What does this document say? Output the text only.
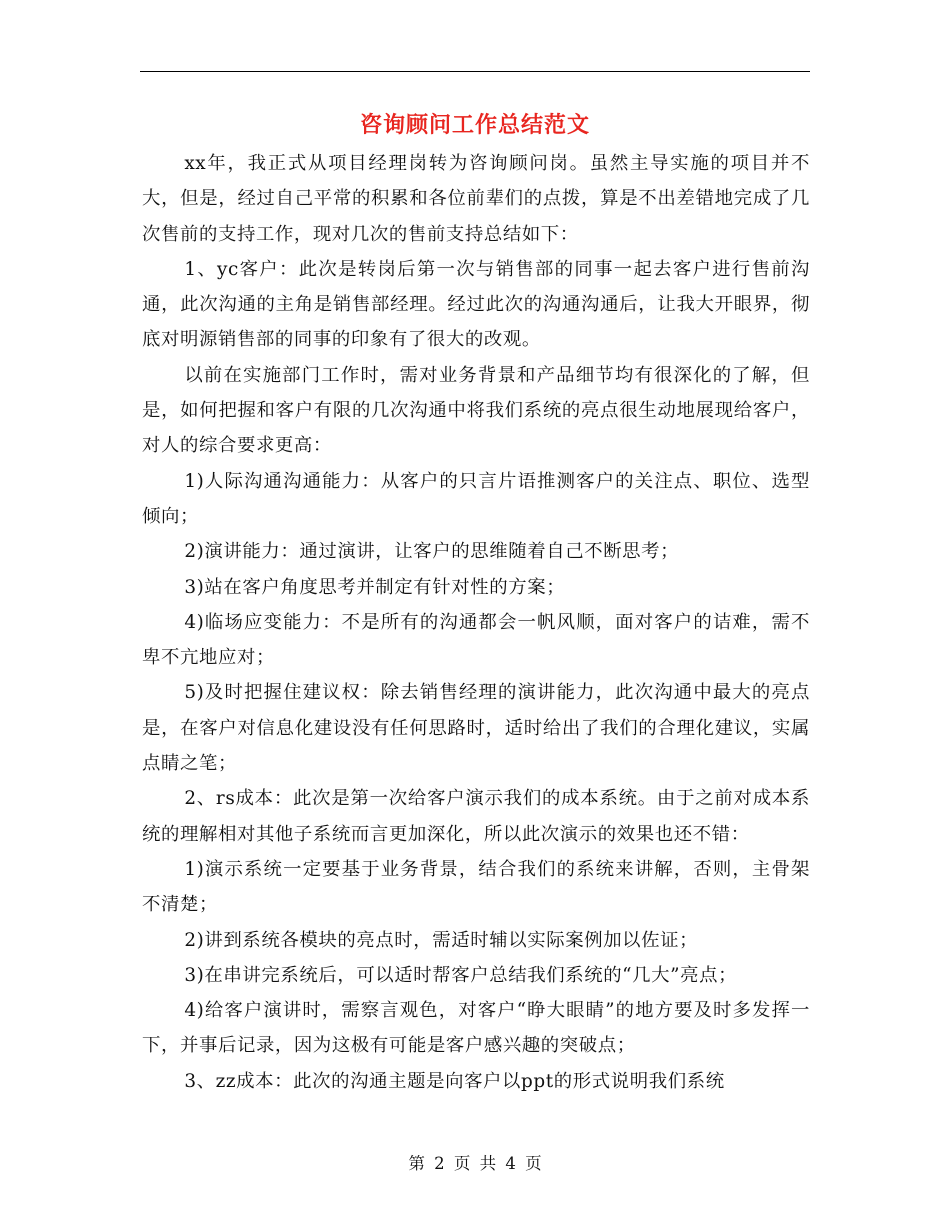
咨询顾问工作总结范文

xx年，我正式从项目经理岗转为咨询顾问岗。虽然主导实施的项目并不大，但是，经过自己平常的积累和各位前辈们的点拨，算是不出差错地完成了几次售前的支持工作，现对几次的售前支持总结如下：

1、yc客户：此次是转岗后第一次与销售部的同事一起去客户进行售前沟通，此次沟通的主角是销售部经理。经过此次的沟通沟通后，让我大开眼界，彻底对明源销售部的同事的印象有了很大的改观。

以前在实施部门工作时，需对业务背景和产品细节均有很深化的了解，但是，如何把握和客户有限的几次沟通中将我们系统的亮点很生动地展现给客户，对人的综合要求更高：

1)人际沟通沟通能力：从客户的只言片语推测客户的关注点、职位、选型倾向；

2)演讲能力：通过演讲，让客户的思维随着自己不断思考；

3)站在客户角度思考并制定有针对性的方案；

4)临场应变能力：不是所有的沟通都会一帆风顺，面对客户的诘难，需不卑不亢地应对；

5)及时把握住建议权：除去销售经理的演讲能力，此次沟通中最大的亮点是，在客户对信息化建设没有任何思路时，适时给出了我们的合理化建议，实属点睛之笔；

2、rs成本：此次是第一次给客户演示我们的成本系统。由于之前对成本系统的理解相对其他子系统而言更加深化，所以此次演示的效果也还不错：

1)演示系统一定要基于业务背景，结合我们的系统来讲解，否则，主骨架不清楚；

2)讲到系统各模块的亮点时，需适时辅以实际案例加以佐证；

3)在串讲完系统后，可以适时帮客户总结我们系统的“几大”亮点；

4)给客户演讲时，需察言观色，对客户“睁大眼睛”的地方要及时多发挥一下，并事后记录，因为这极有可能是客户感兴趣的突破点；

3、zz成本：此次的沟通主题是向客户以ppt的形式说明我们系统

第 2 页 共 4 页
